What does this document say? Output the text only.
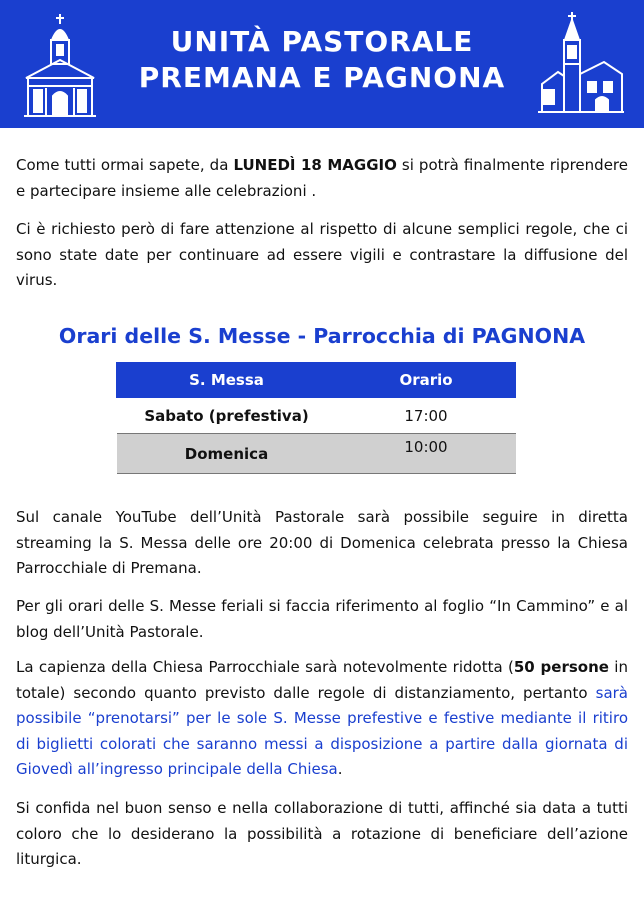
UNITÀ PASTORALE
PREMANA E PAGNONA

Come tutti ormai sapete, da LUNEDÌ 18 MAGGIO si potrà finalmente riprendere e partecipare insieme alle celebrazioni .

Ci è richiesto però di fare attenzione al rispetto di alcune semplici regole, che ci sono state date per continuare ad essere vigili e contrastare la diffusione del virus.

Orari delle S. Messe - Parrocchia di PAGNONA
S. Messa	Orario
Sabato (prefestiva)	17:00
Domenica	10:00

Sul canale YouTube dell’Unità Pastorale sarà possibile seguire in diretta streaming la S. Messa delle ore 20:00 di Domenica celebrata presso la Chiesa Parrocchiale di Premana.

Per gli orari delle S. Messe feriali si faccia riferimento al foglio “In Cammino” e al blog dell’Unità Pastorale.

La capienza della Chiesa Parrocchiale sarà notevolmente ridotta (50 persone in totale) secondo quanto previsto dalle regole di distanziamento, pertanto sarà possibile “prenotarsi” per le sole S. Messe prefestive e festive mediante il ritiro di biglietti colorati che saranno messi a disposizione a partire dalla giornata di Giovedì all’ingresso principale della Chiesa.

Si confida nel buon senso e nella collaborazione di tutti, affinché sia data a tutti coloro che lo desiderano la possibilità a rotazione di beneficiare dell’azione liturgica.
